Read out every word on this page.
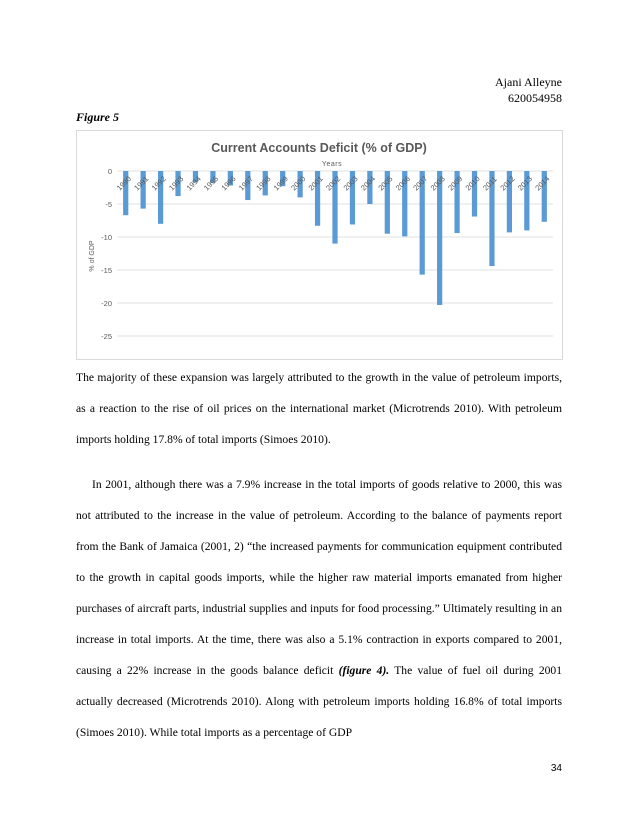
Ajani Alleyne
620054958
Figure 5
Current Accounts Deficit (% of GDP)
Years
% of GDP
0
-5
-10
-15
-20
-25
1990 1991 1992 1993 1994 1995 1996 1997 1998 1999 2000 2001 2002 2003 2004 2005 2006 2007 2008 2009 2010 2011 2012 2013 2014

The majority of these expansion was largely attributed to the growth in the value of petroleum imports, as a reaction to the rise of oil prices on the international market (Microtrends 2010). With petroleum imports holding 17.8% of total imports (Simoes 2010).

In 2001, although there was a 7.9% increase in the total imports of goods relative to 2000, this was not attributed to the increase in the value of petroleum. According to the balance of payments report from the Bank of Jamaica (2001, 2) “the increased payments for communication equipment contributed to the growth in capital goods imports, while the higher raw material imports emanated from higher purchases of aircraft parts, industrial supplies and inputs for food processing.” Ultimately resulting in an increase in total imports. At the time, there was also a 5.1% contraction in exports compared to 2001, causing a 22% increase in the goods balance deficit (figure 4). The value of fuel oil during 2001 actually decreased (Microtrends 2010). Along with petroleum imports holding 16.8% of total imports (Simoes 2010). While total imports as a percentage of GDP

34
